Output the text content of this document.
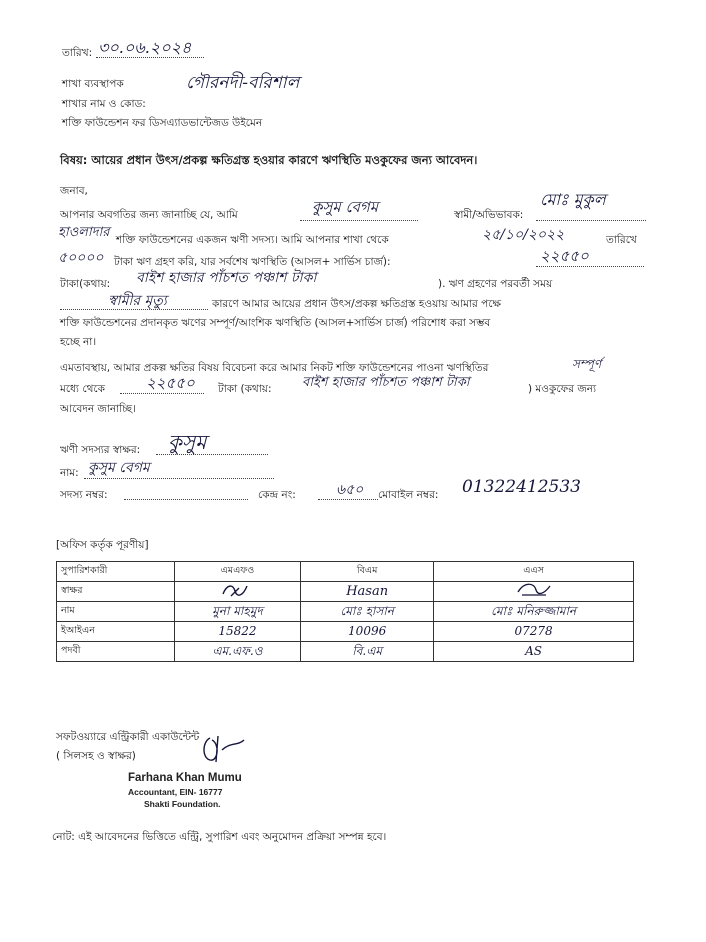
তারিখ: ৩০.০৬.২০২৪
শাখা ব্যবস্থাপক
শাখার নাম ও কোড:
গৌরনদী-বরিশাল
শক্তি ফাউন্ডেশন ফর ডিসএ্যাডভান্টেজড উইমেন
বিষয়: আয়ের প্রধান উৎস/প্রকল্প ক্ষতিগ্রস্ত হওয়ার কারণে ঋণস্থিতি মওকুফের জন্য আবেদন।
জনাব,
আপনার অবগতির জন্য জানাচ্ছি যে, আমি	কুসুম বেগম	স্বামী/অভিভাবক:
মোঃ মুকুল
হাওলাদার শক্তি ফাউন্ডেশনের একজন ঋণী সদস্য। আমি আপনার শাখা থেকে	২৫/১০/২০২২	তারিখে
৫০০০০ টাকা ঋণ গ্রহণ করি, যার সর্বশেষ ঋণস্থিতি (আসল+ সার্ভিস চার্জ):	২২৫৫০
টাকা(কথায়: বাইশ হাজার পাঁচশত পঞ্চাশ টাকা	). ঋণ গ্রহণের পরবর্তী সময়
স্বামীর মৃত্যু	কারণে আমার আয়ের প্রধান উৎস/প্রকল্প ক্ষতিগ্রস্ত হওয়ায় আমার পক্ষে
শক্তি ফাউন্ডেশনের প্রদানকৃত ঋণের সম্পূর্ণ/আংশিক ঋণস্থিতি (আসল+সার্ভিস চার্জ) পরিশোধ করা সম্ভব
হচ্ছে না।
এমতাবস্থায়, আমার প্রকল্প ক্ষতির বিষয় বিবেচনা করে আমার নিকট শক্তি ফাউন্ডেশনের পাওনা ঋণস্থিতির	সম্পূর্ণ
মধ্যে থেকে	২২৫৫০ টাকা (কথায়: বাইশ হাজার পাঁচশত পঞ্চাশ টাকা	) মওকুফের জন্য
আবেদন জানাচ্ছি।
ঋণী সদস্যর স্বাক্ষর: কুসুম
নাম: কুসুম বেগম
সদস্য নম্বর:	কেন্দ্র নং:	৬৫০ মোবাইল নম্বর: 01322412533
[অফিস কর্তৃক পূরণীয়]
সুপারিশকারী	এমএফও	বিএম	এএস
স্বাক্ষর		Hasan	
নাম	মুনা মাহমুদ	মোঃ হাসান	মোঃ মনিরুজ্জামান
ইআইএন	15822	10096	07278
পদবী	এম.এফ.ও	বি.এম	AS
সফটওয়্যারে এন্ট্রিকারী একাউন্টেন্ট
( সিলসহ ও স্বাক্ষর)
Farhana Khan Mumu
Accountant, EIN- 16777
Shakti Foundation.
নোট: এই আবেদনের ভিত্তিতে এন্ট্রি, সুপারিশ এবং অনুমোদন প্রক্রিয়া সম্পন্ন হবে।
